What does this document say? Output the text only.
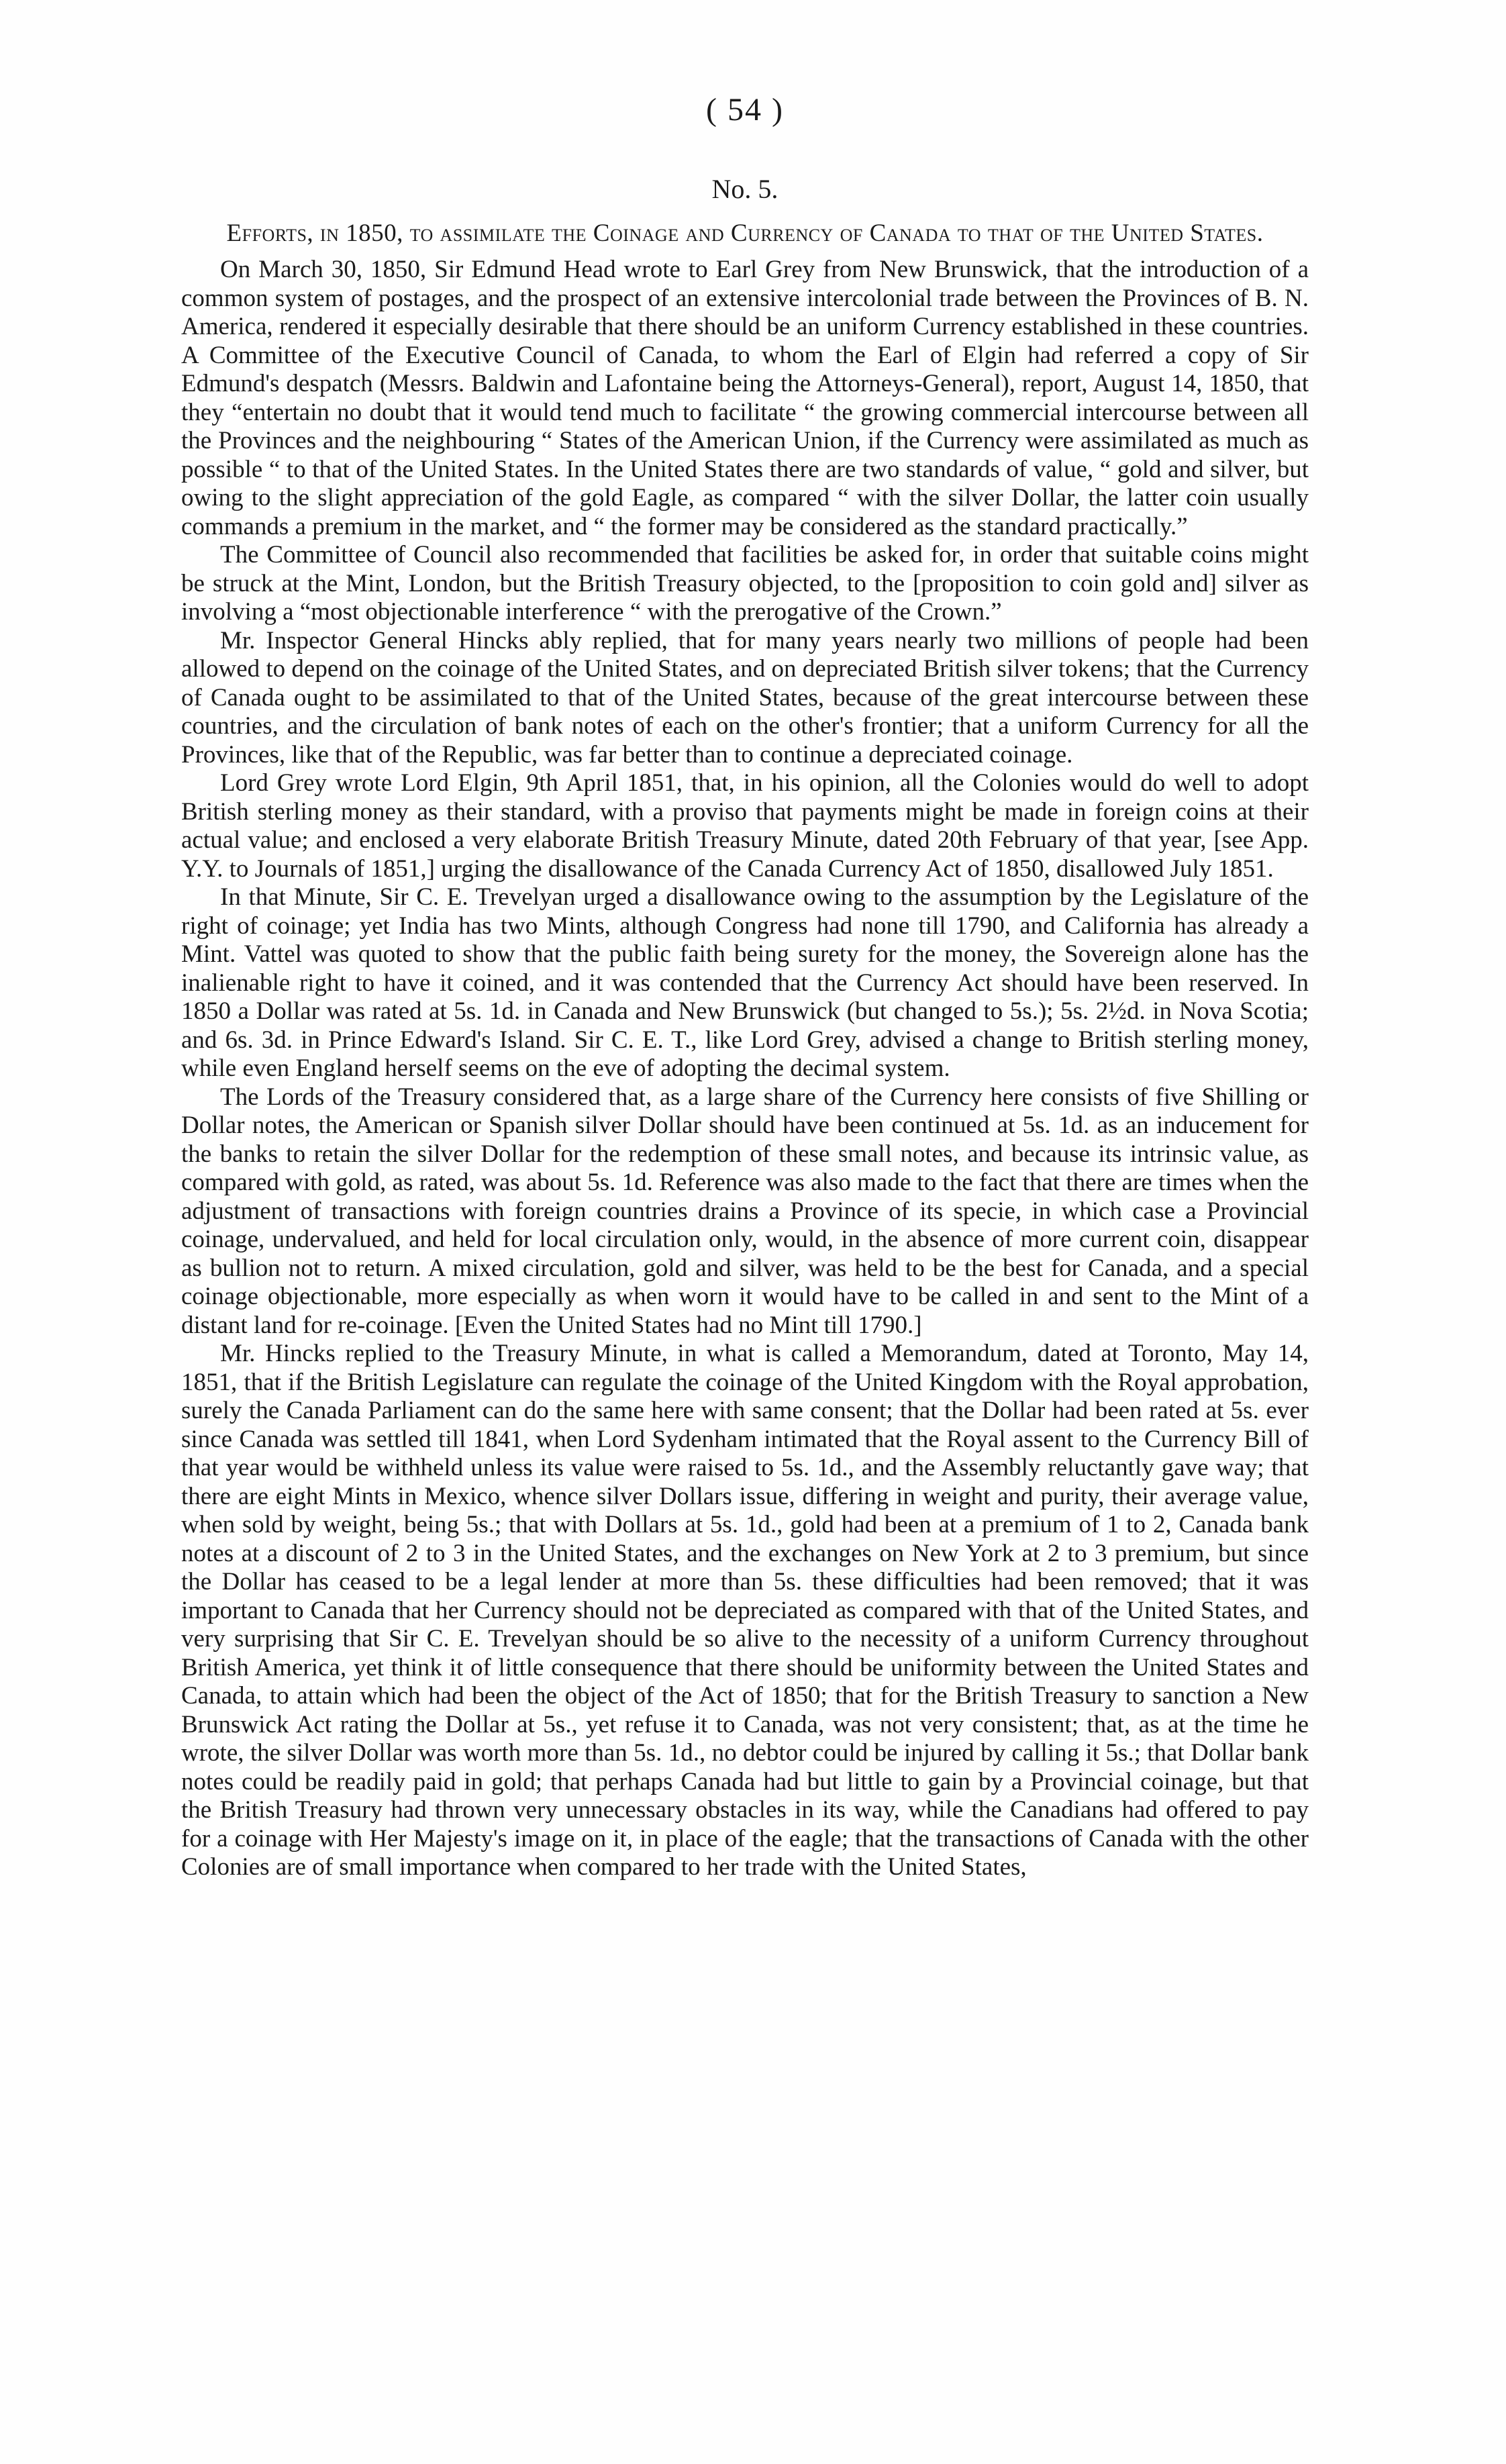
( 54 )
No. 5.
Efforts, in 1850, to assimilate the Coinage and Currency of Canada to that of the United States.

On March 30, 1850, Sir Edmund Head wrote to Earl Grey from New Brunswick, that the introduction of a common system of postages, and the prospect of an extensive intercolonial trade between the Provinces of B. N. America, rendered it especially desirable that there should be an uniform Currency established in these countries. A Committee of the Executive Council of Canada, to whom the Earl of Elgin had referred a copy of Sir Edmund's despatch (Messrs. Baldwin and Lafontaine being the Attorneys-General), report, August 14, 1850, that they “entertain no doubt that it would tend much to facilitate “ the growing commercial intercourse between all the Provinces and the neighbouring “ States of the American Union, if the Currency were assimilated as much as possible “ to that of the United States. In the United States there are two standards of value, “ gold and silver, but owing to the slight appreciation of the gold Eagle, as compared “ with the silver Dollar, the latter coin usually commands a premium in the market, and “ the former may be considered as the standard practically.”

The Committee of Council also recommended that facilities be asked for, in order that suitable coins might be struck at the Mint, London, but the British Treasury objected, to the [proposition to coin gold and] silver as involving a “most objectionable interference “ with the prerogative of the Crown.”

Mr. Inspector General Hincks ably replied, that for many years nearly two millions of people had been allowed to depend on the coinage of the United States, and on depreciated British silver tokens; that the Currency of Canada ought to be assimilated to that of the United States, because of the great intercourse between these countries, and the circulation of bank notes of each on the other's frontier; that a uniform Currency for all the Provinces, like that of the Republic, was far better than to continue a depreciated coinage.

Lord Grey wrote Lord Elgin, 9th April 1851, that, in his opinion, all the Colonies would do well to adopt British sterling money as their standard, with a proviso that payments might be made in foreign coins at their actual value; and enclosed a very elaborate British Treasury Minute, dated 20th February of that year, [see App. Y.Y. to Journals of 1851,] urging the disallowance of the Canada Currency Act of 1850, disallowed July 1851.

In that Minute, Sir C. E. Trevelyan urged a disallowance owing to the assumption by the Legislature of the right of coinage; yet India has two Mints, although Congress had none till 1790, and California has already a Mint. Vattel was quoted to show that the public faith being surety for the money, the Sovereign alone has the inalienable right to have it coined, and it was contended that the Currency Act should have been reserved. In 1850 a Dollar was rated at 5s. 1d. in Canada and New Brunswick (but changed to 5s.); 5s. 2½d. in Nova Scotia; and 6s. 3d. in Prince Edward's Island. Sir C. E. T., like Lord Grey, advised a change to British sterling money, while even England herself seems on the eve of adopting the decimal system.

The Lords of the Treasury considered that, as a large share of the Currency here consists of five Shilling or Dollar notes, the American or Spanish silver Dollar should have been continued at 5s. 1d. as an inducement for the banks to retain the silver Dollar for the redemption of these small notes, and because its intrinsic value, as compared with gold, as rated, was about 5s. 1d. Reference was also made to the fact that there are times when the adjustment of transactions with foreign countries drains a Province of its specie, in which case a Provincial coinage, undervalued, and held for local circulation only, would, in the absence of more current coin, disappear as bullion not to return. A mixed circulation, gold and silver, was held to be the best for Canada, and a special coinage objectionable, more especially as when worn it would have to be called in and sent to the Mint of a distant land for re-coinage. [Even the United States had no Mint till 1790.]

Mr. Hincks replied to the Treasury Minute, in what is called a Memorandum, dated at Toronto, May 14, 1851, that if the British Legislature can regulate the coinage of the United Kingdom with the Royal approbation, surely the Canada Parliament can do the same here with same consent; that the Dollar had been rated at 5s. ever since Canada was settled till 1841, when Lord Sydenham intimated that the Royal assent to the Currency Bill of that year would be withheld unless its value were raised to 5s. 1d., and the Assembly reluctantly gave way; that there are eight Mints in Mexico, whence silver Dollars issue, differing in weight and purity, their average value, when sold by weight, being 5s.; that with Dollars at 5s. 1d., gold had been at a premium of 1 to 2, Canada bank notes at a discount of 2 to 3 in the United States, and the exchanges on New York at 2 to 3 premium, but since the Dollar has ceased to be a legal lender at more than 5s. these difficulties had been removed; that it was important to Canada that her Currency should not be depreciated as compared with that of the United States, and very surprising that Sir C. E. Trevelyan should be so alive to the necessity of a uniform Currency throughout British America, yet think it of little consequence that there should be uniformity between the United States and Canada, to attain which had been the object of the Act of 1850; that for the British Treasury to sanction a New Brunswick Act rating the Dollar at 5s., yet refuse it to Canada, was not very consistent; that, as at the time he wrote, the silver Dollar was worth more than 5s. 1d., no debtor could be injured by calling it 5s.; that Dollar bank notes could be readily paid in gold; that perhaps Canada had but little to gain by a Provincial coinage, but that the British Treasury had thrown very unnecessary obstacles in its way, while the Canadians had offered to pay for a coinage with Her Majesty's image on it, in place of the eagle; that the transactions of Canada with the other Colonies are of small importance when compared to her trade with the United States,
